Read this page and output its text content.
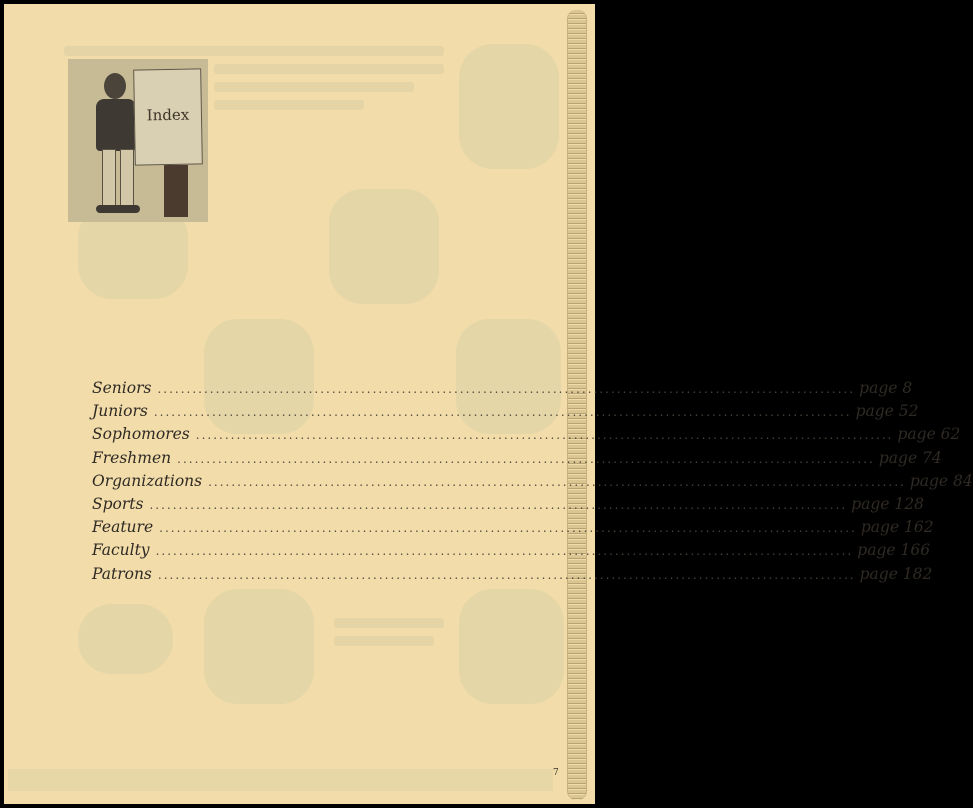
Index
Seniors ........................................................................................................................ page 8
Juniors ........................................................................................................................ page 52
Sophomores ........................................................................................................................ page 62
Freshmen ........................................................................................................................ page 74
Organizations ........................................................................................................................ page 84
Sports ........................................................................................................................ page 128
Feature ........................................................................................................................ page 162
Faculty ........................................................................................................................ page 166
Patrons ........................................................................................................................ page 182
7
